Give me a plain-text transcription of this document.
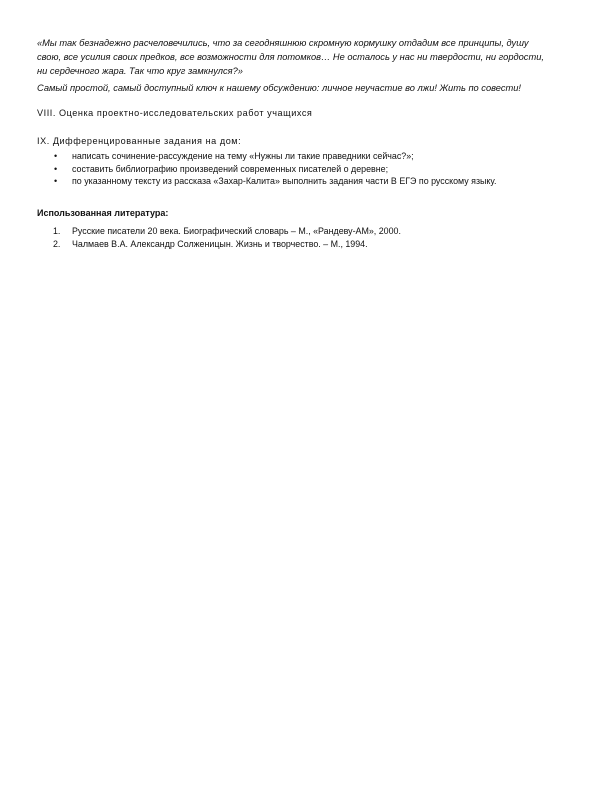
«Мы так безнадежно расчеловечились, что за сегодняшнюю скромную кормушку отдадим все принципы, душу
свою, все усилия своих предков, все возможности для потомков… Не осталось у нас ни твердости, ни гордости,
ни сердечного жара. Так что круг замкнулся?»
Самый простой, самый доступный ключ к нашему обсуждению: личное неучастие во лжи! Жить по совести!
VIII. Оценка проектно-исследовательских работ учащихся
IX. Дифференцированные задания на дом:
• написать сочинение-рассуждение на тему «Нужны ли такие праведники сейчас?»;
• составить библиографию произведений современных писателей о деревне;
• по указанному тексту из рассказа «Захар-Калита» выполнить задания части В ЕГЭ по русскому языку.
Использованная литература:
1. Русские писатели 20 века. Биографический словарь – М., «Рандеву-АМ», 2000.
2. Чалмаев В.А. Александр Солженицын. Жизнь и творчество. – М., 1994.
